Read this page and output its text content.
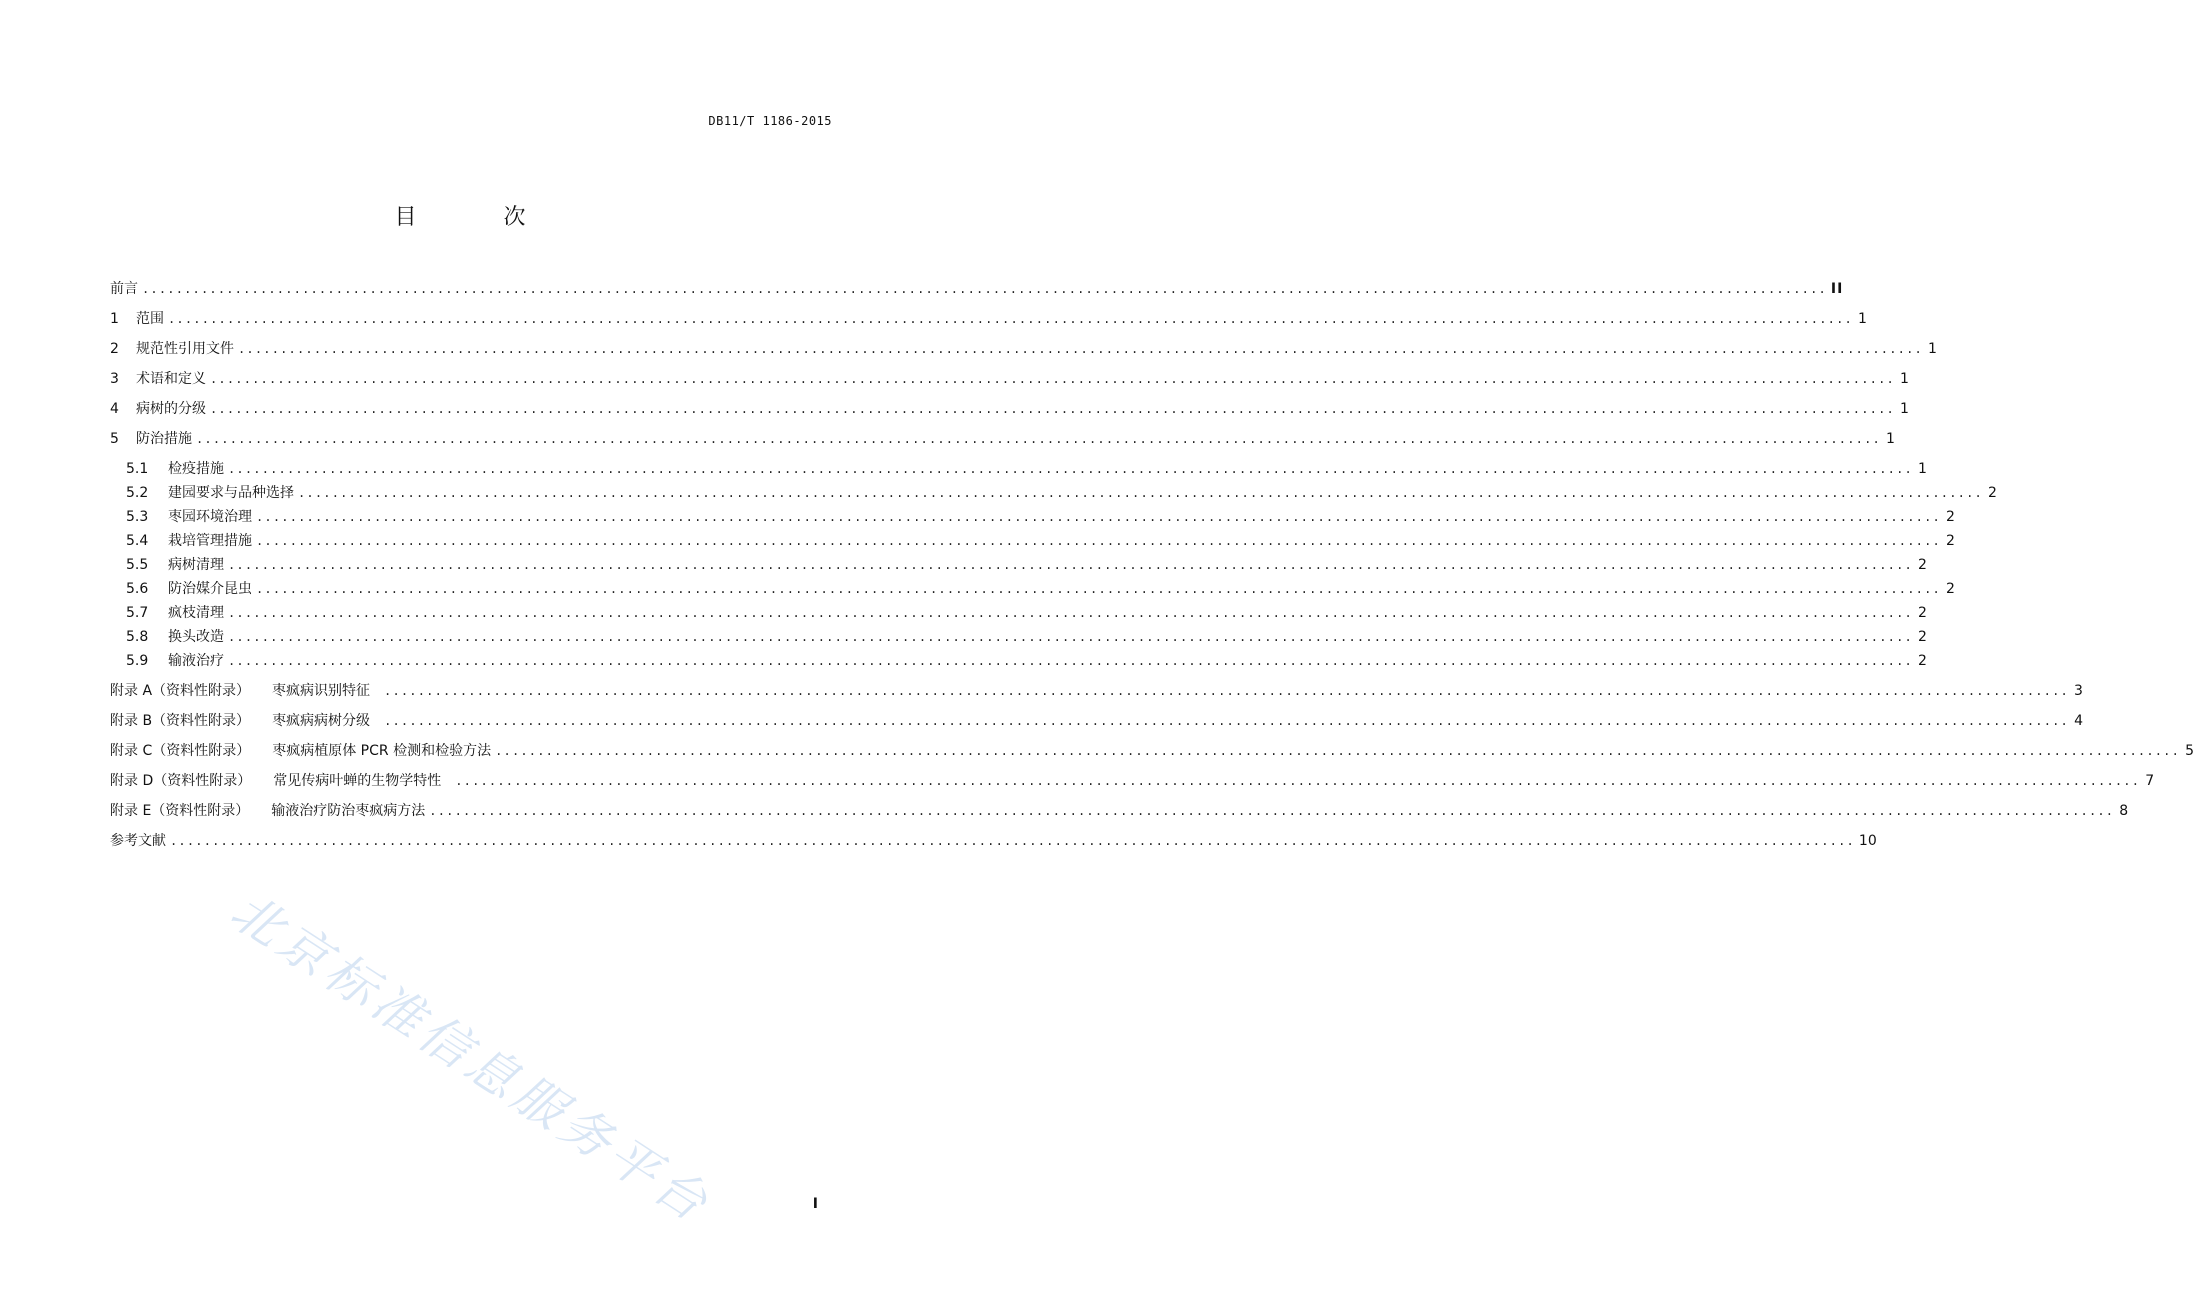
DB11/T 1186-2015
目 次
前言 ........................................................................................................................................................................................................ II
1	范围 ........................................................................................................................................................................................................ 1
2	规范性引用文件 ........................................................................................................................................................................................................ 1
3	术语和定义 ........................................................................................................................................................................................................ 1
4	病树的分级 ........................................................................................................................................................................................................ 1
5	防治措施 ........................................................................................................................................................................................................ 1
5.1	检疫措施 ........................................................................................................................................................................................................ 1
5.2	建园要求与品种选择 ........................................................................................................................................................................................................ 2
5.3	枣园环境治理 ........................................................................................................................................................................................................ 2
5.4	栽培管理措施 ........................................................................................................................................................................................................ 2
5.5	病树清理 ........................................................................................................................................................................................................ 2
5.6	防治媒介昆虫 ........................................................................................................................................................................................................ 2
5.7	疯枝清理 ........................................................................................................................................................................................................ 2
5.8	换头改造 ........................................................................................................................................................................................................ 2
5.9	输液治疗 ........................................................................................................................................................................................................ 2
附录 A（资料性附录） 枣疯病识别特征 ........................................................................................................................................................................................................ 3
附录 B（资料性附录） 枣疯病病树分级 ........................................................................................................................................................................................................ 4
附录 C（资料性附录） 枣疯病植原体 PCR 检测和检验方法 ........................................................................................................................................................................................................ 5
附录 D（资料性附录） 常见传病叶蝉的生物学特性 ........................................................................................................................................................................................................ 7
附录 E（资料性附录） 输液治疗防治枣疯病方法 ........................................................................................................................................................................................................ 8
参考文献 ........................................................................................................................................................................................................ 10
北京标准信息服务平台	I
